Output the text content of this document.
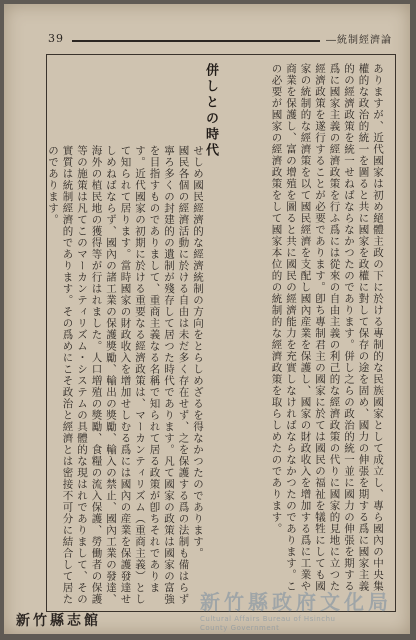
39	―統制經濟論
ありますが、近代國家は初め絕體主政の下に於ける專制的な民族國家として成立し、專ら國內の中央集權的な政治的統一を圖ると共に國家を政權に對して保存の途を固め、國力の伸張を期する爲に國家主義的の經濟政策を統一せねばならなかつたのであります。併し之らの政治的統一並に國力の伸張を期する爲に國家主義の經濟政策を行ふ爲には從來の自由主義の利己的な經濟政策の代りに國家的見地に立つた經濟政策を遂行することが必要であります。卽ち專制君主の國家に於ては國民の福祉を犠牲にしても國家の統制的な經濟策を以て國民經濟を支配し國內産業を保護し、國家の財政收入を增加する爲に工業や商業を保護し、富の增殖を圖ると共に國民の經濟能力を充實しなければならなかつたのであります。この必要が國家の經濟政策をして國家本位的の統制的な經濟政策を取らしめたのであります。
併しとの時代
せしめ國民經濟的な經濟統制の方向をとらしめざるを得なかつたのであります。
國民各個の經濟活動に於ける自由は未だ多く存在せず、之を保護する爲の法制も備はらず寧ろ多くの封建的の遺制が殘存して居つた時代であります。凡て國家の政策は國家の富強を目指すものでありまして、重商主義なる名稱で知られて居る政策が卽ちそれであります。近代國家の初期に於ける重要なる經濟政策は、マーカンティリズム（重商主義）として知られて居ります。當時國家の財政收入を增加せしむる爲には國內の産業を保護發達せしめねばならず、國內の諸工業の保護獎勵、輸出の獎勵、輸入の禁止、國內工業の發達、海外の植民地の獲得等が行はれました。人口増殖の獎勵、食糧の流入保護、勞働者の保護等の施策は凡てこのマーカンティリズム・システムの具體的な現はれでありまして、その實質は統制經濟的であります。その爲めにこそ政治と經濟とは密接不可分に結合して居たのであります。
新竹縣志館
新竹縣政府文化局
Cultural Affairs Bureau of Hsinchu
County Government
